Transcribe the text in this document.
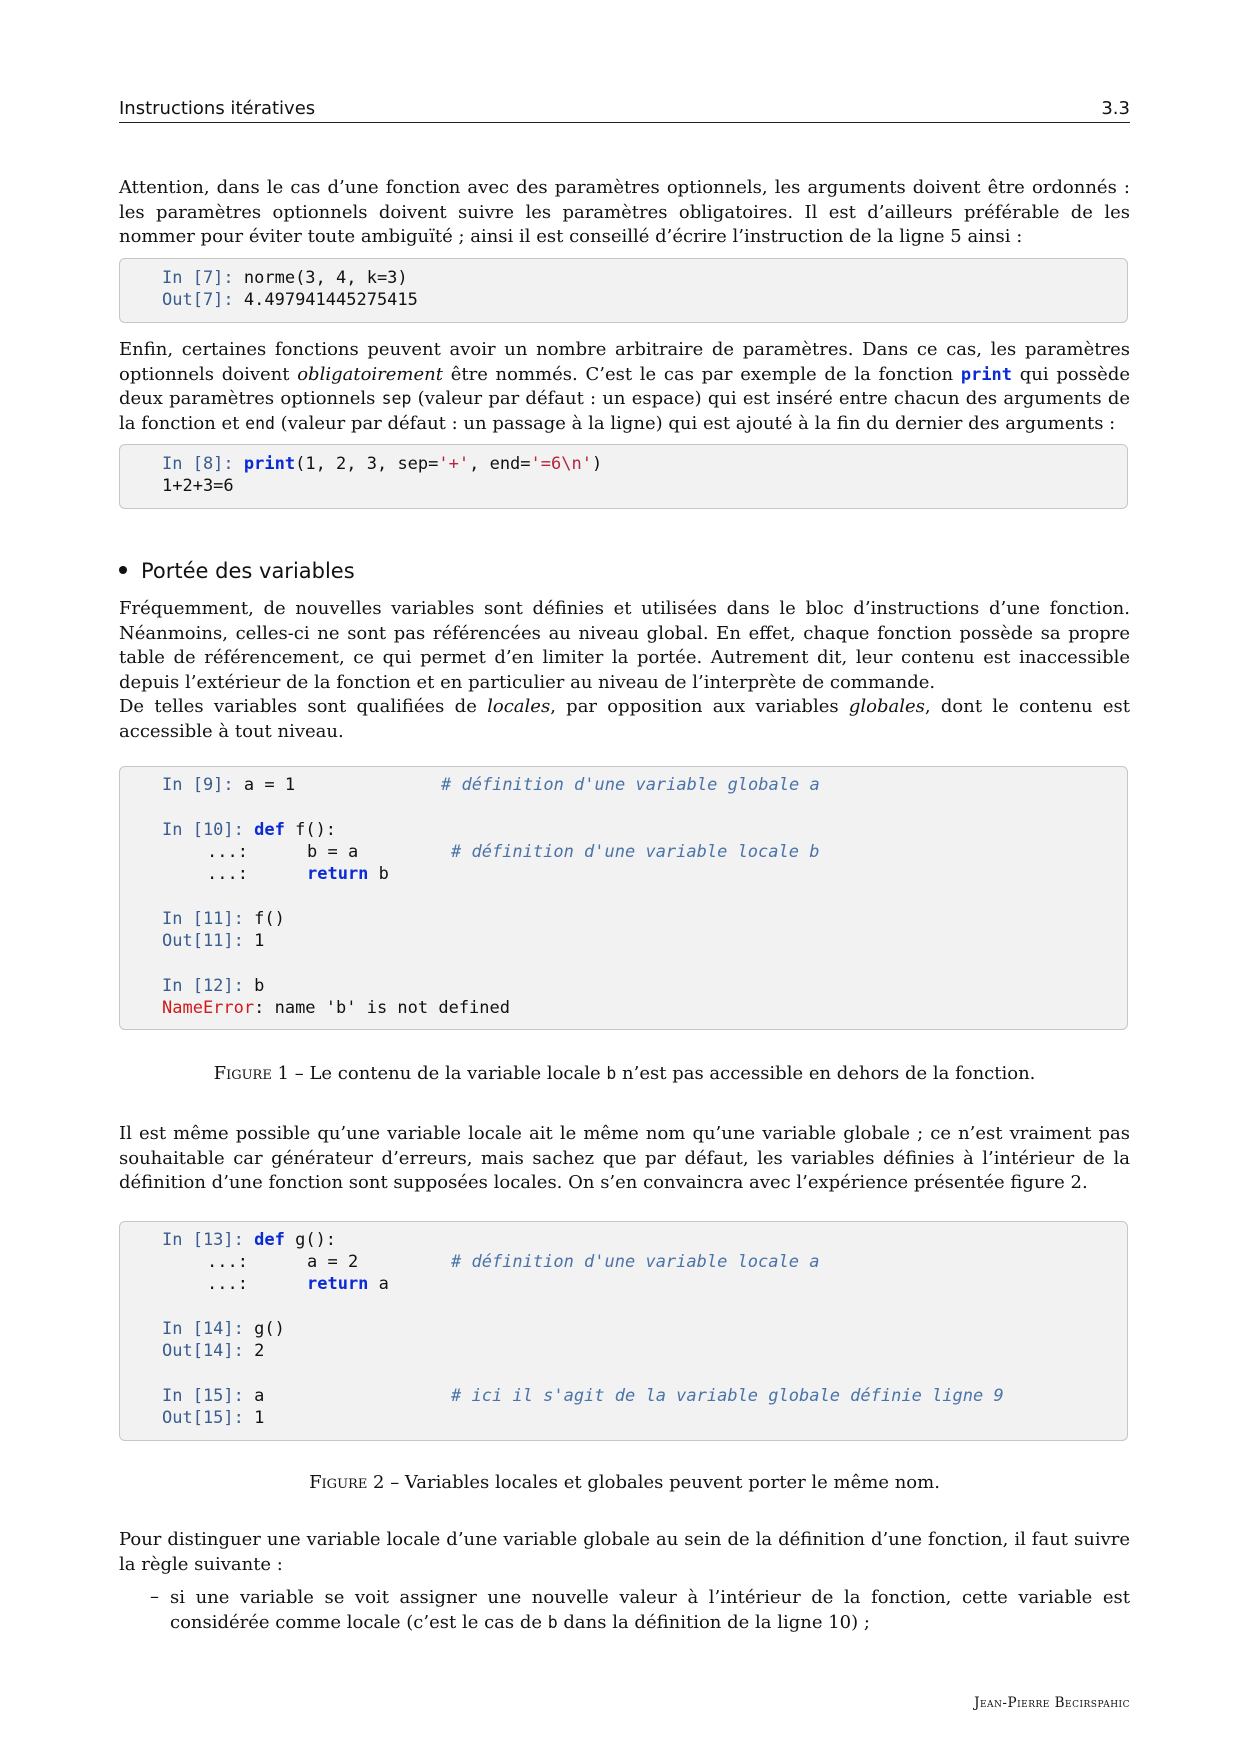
Instructions itératives	3.3

Attention, dans le cas d’une fonction avec des paramètres optionnels, les arguments doivent être ordonnés : les paramètres optionnels doivent suivre les paramètres obligatoires. Il est d’ailleurs préférable de les nommer pour éviter toute ambiguïté ; ainsi il est conseillé d’écrire l’instruction de la ligne 5 ainsi :

In [7]: norme(3, 4, k=3)
Out[7]: 4.497941445275415

Enfin, certaines fonctions peuvent avoir un nombre arbitraire de paramètres. Dans ce cas, les paramètres optionnels doivent obligatoirement être nommés. C’est le cas par exemple de la fonction print qui possède deux paramètres optionnels sep (valeur par défaut : un espace) qui est inséré entre chacun des arguments de la fonction et end (valeur par défaut : un passage à la ligne) qui est ajouté à la fin du dernier des arguments :

In [8]: print(1, 2, 3, sep='+', end='=6\n')
1+2+3=6
Portée des variables

Fréquemment, de nouvelles variables sont définies et utilisées dans le bloc d’instructions d’une fonction. Néanmoins, celles-ci ne sont pas référencées au niveau global. En effet, chaque fonction possède sa propre table de référencement, ce qui permet d’en limiter la portée. Autrement dit, leur contenu est inaccessible depuis l’extérieur de la fonction et en particulier au niveau de l’interprète de commande.
De telles variables sont qualifiées de locales, par opposition aux variables globales, dont le contenu est accessible à tout niveau.

In [9]: a = 1	# définition d'une variable globale a
In [10]: def f():
...:	b = a	# définition d'une variable locale b
...:	return b
In [11]: f()
Out[11]: 1
In [12]: b
NameError: name 'b' is not defined

Figure 1 – Le contenu de la variable locale b n’est pas accessible en dehors de la fonction.

Il est même possible qu’une variable locale ait le même nom qu’une variable globale ; ce n’est vraiment pas souhaitable car générateur d’erreurs, mais sachez que par défaut, les variables définies à l’intérieur de la définition d’une fonction sont supposées locales. On s’en convaincra avec l’expérience présentée figure 2.

In [13]: def g():
...:	a = 2	# définition d'une variable locale a
...:	return a
In [14]: g()
Out[14]: 2
In [15]: a	# ici il s'agit de la variable globale définie ligne 9
Out[15]: 1

Figure 2 – Variables locales et globales peuvent porter le même nom.

Pour distinguer une variable locale d’une variable globale au sein de la définition d’une fonction, il faut suivre la règle suivante :

– si une variable se voit assigner une nouvelle valeur à l’intérieur de la fonction, cette variable est considérée comme locale (c’est le cas de b dans la définition de la ligne 10) ;

Jean-Pierre Becirspahic
